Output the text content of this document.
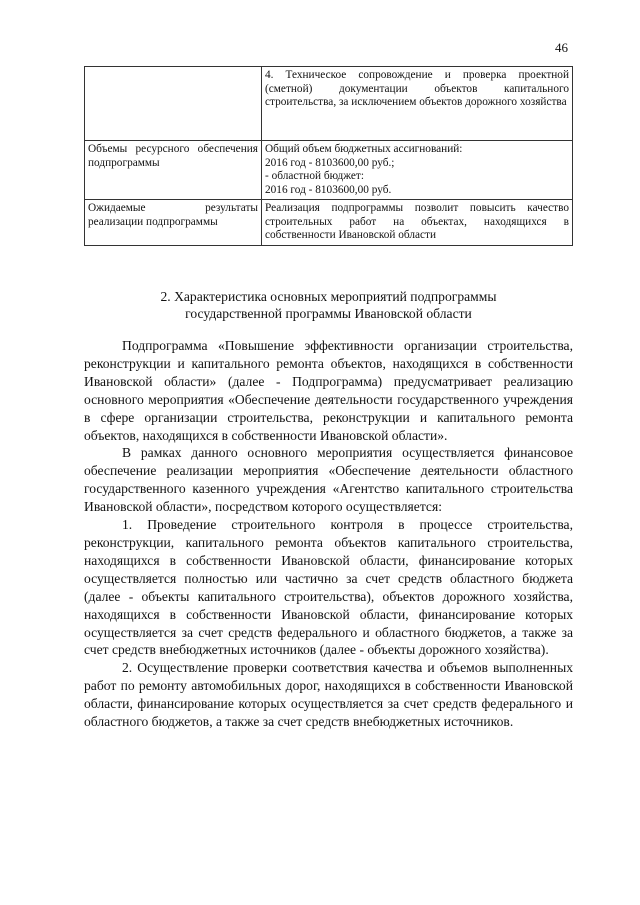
46
	4. Техническое сопровождение и проверка проектной (сметной) документации объектов капитального строительства, за исключением объектов дорожного хозяйства
Объемы ресурсного обеспечения подпрограммы	Общий объем бюджетных ассигнований:
2016 год - 8103600,00 руб.;
- областной бюджет:
2016 год - 8103600,00 руб.

Ожидаемые результаты реализации подпрограммы	Реализация подпрограммы позволит повысить качество строительных работ на объектах, находящихся в собственности Ивановской области
2. Характеристика основных мероприятий подпрограммы
государственной программы Ивановской области

Подпрограмма «Повышение эффективности организации строительства, реконструкции и капитального ремонта объектов, находящихся в собственности Ивановской области» (далее - Подпрограмма) предусматривает реализацию основного мероприятия «Обеспечение деятельности государственного учреждения в сфере организации строительства, реконструкции и капитального ремонта объектов, находящихся в собственности Ивановской области».

В рамках данного основного мероприятия осуществляется финансовое обеспечение реализации мероприятия «Обеспечение деятельности областного государственного казенного учреждения «Агентство капитального строительства Ивановской области», посредством которого осуществляется:

1. Проведение строительного контроля в процессе строительства, реконструкции, капитального ремонта объектов капитального строительства, находящихся в собственности Ивановской области, финансирование которых осуществляется полностью или частично за счет средств областного бюджета (далее - объекты капитального строительства), объектов дорожного хозяйства, находящихся в собственности Ивановской области, финансирование которых осуществляется за счет средств федерального и областного бюджетов, а также за счет средств внебюджетных источников (далее - объекты дорожного хозяйства).

2. Осуществление проверки соответствия качества и объемов выполненных работ по ремонту автомобильных дорог, находящихся в собственности Ивановской области, финансирование которых осуществляется за счет средств федерального и областного бюджетов, а также за счет средств внебюджетных источников.
